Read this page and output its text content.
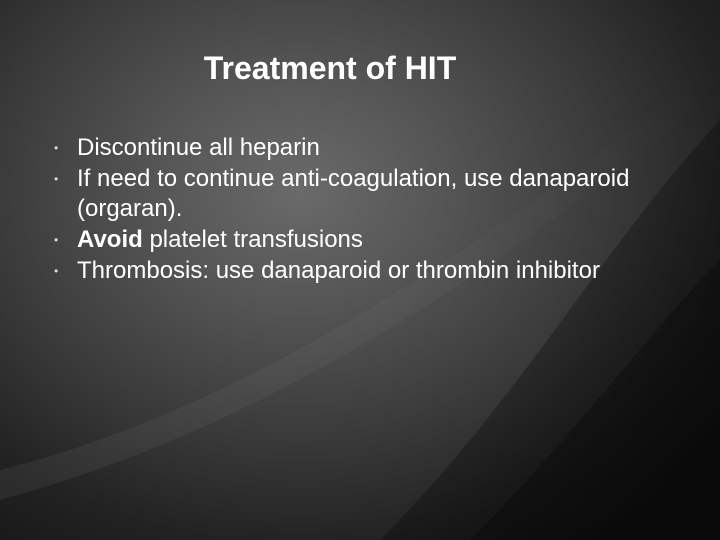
Treatment of HIT
• Discontinue all heparin
• If need to continue anti-coagulation, use danaparoid (orgaran).
• Avoid platelet transfusions
• Thrombosis: use danaparoid or thrombin inhibitor
